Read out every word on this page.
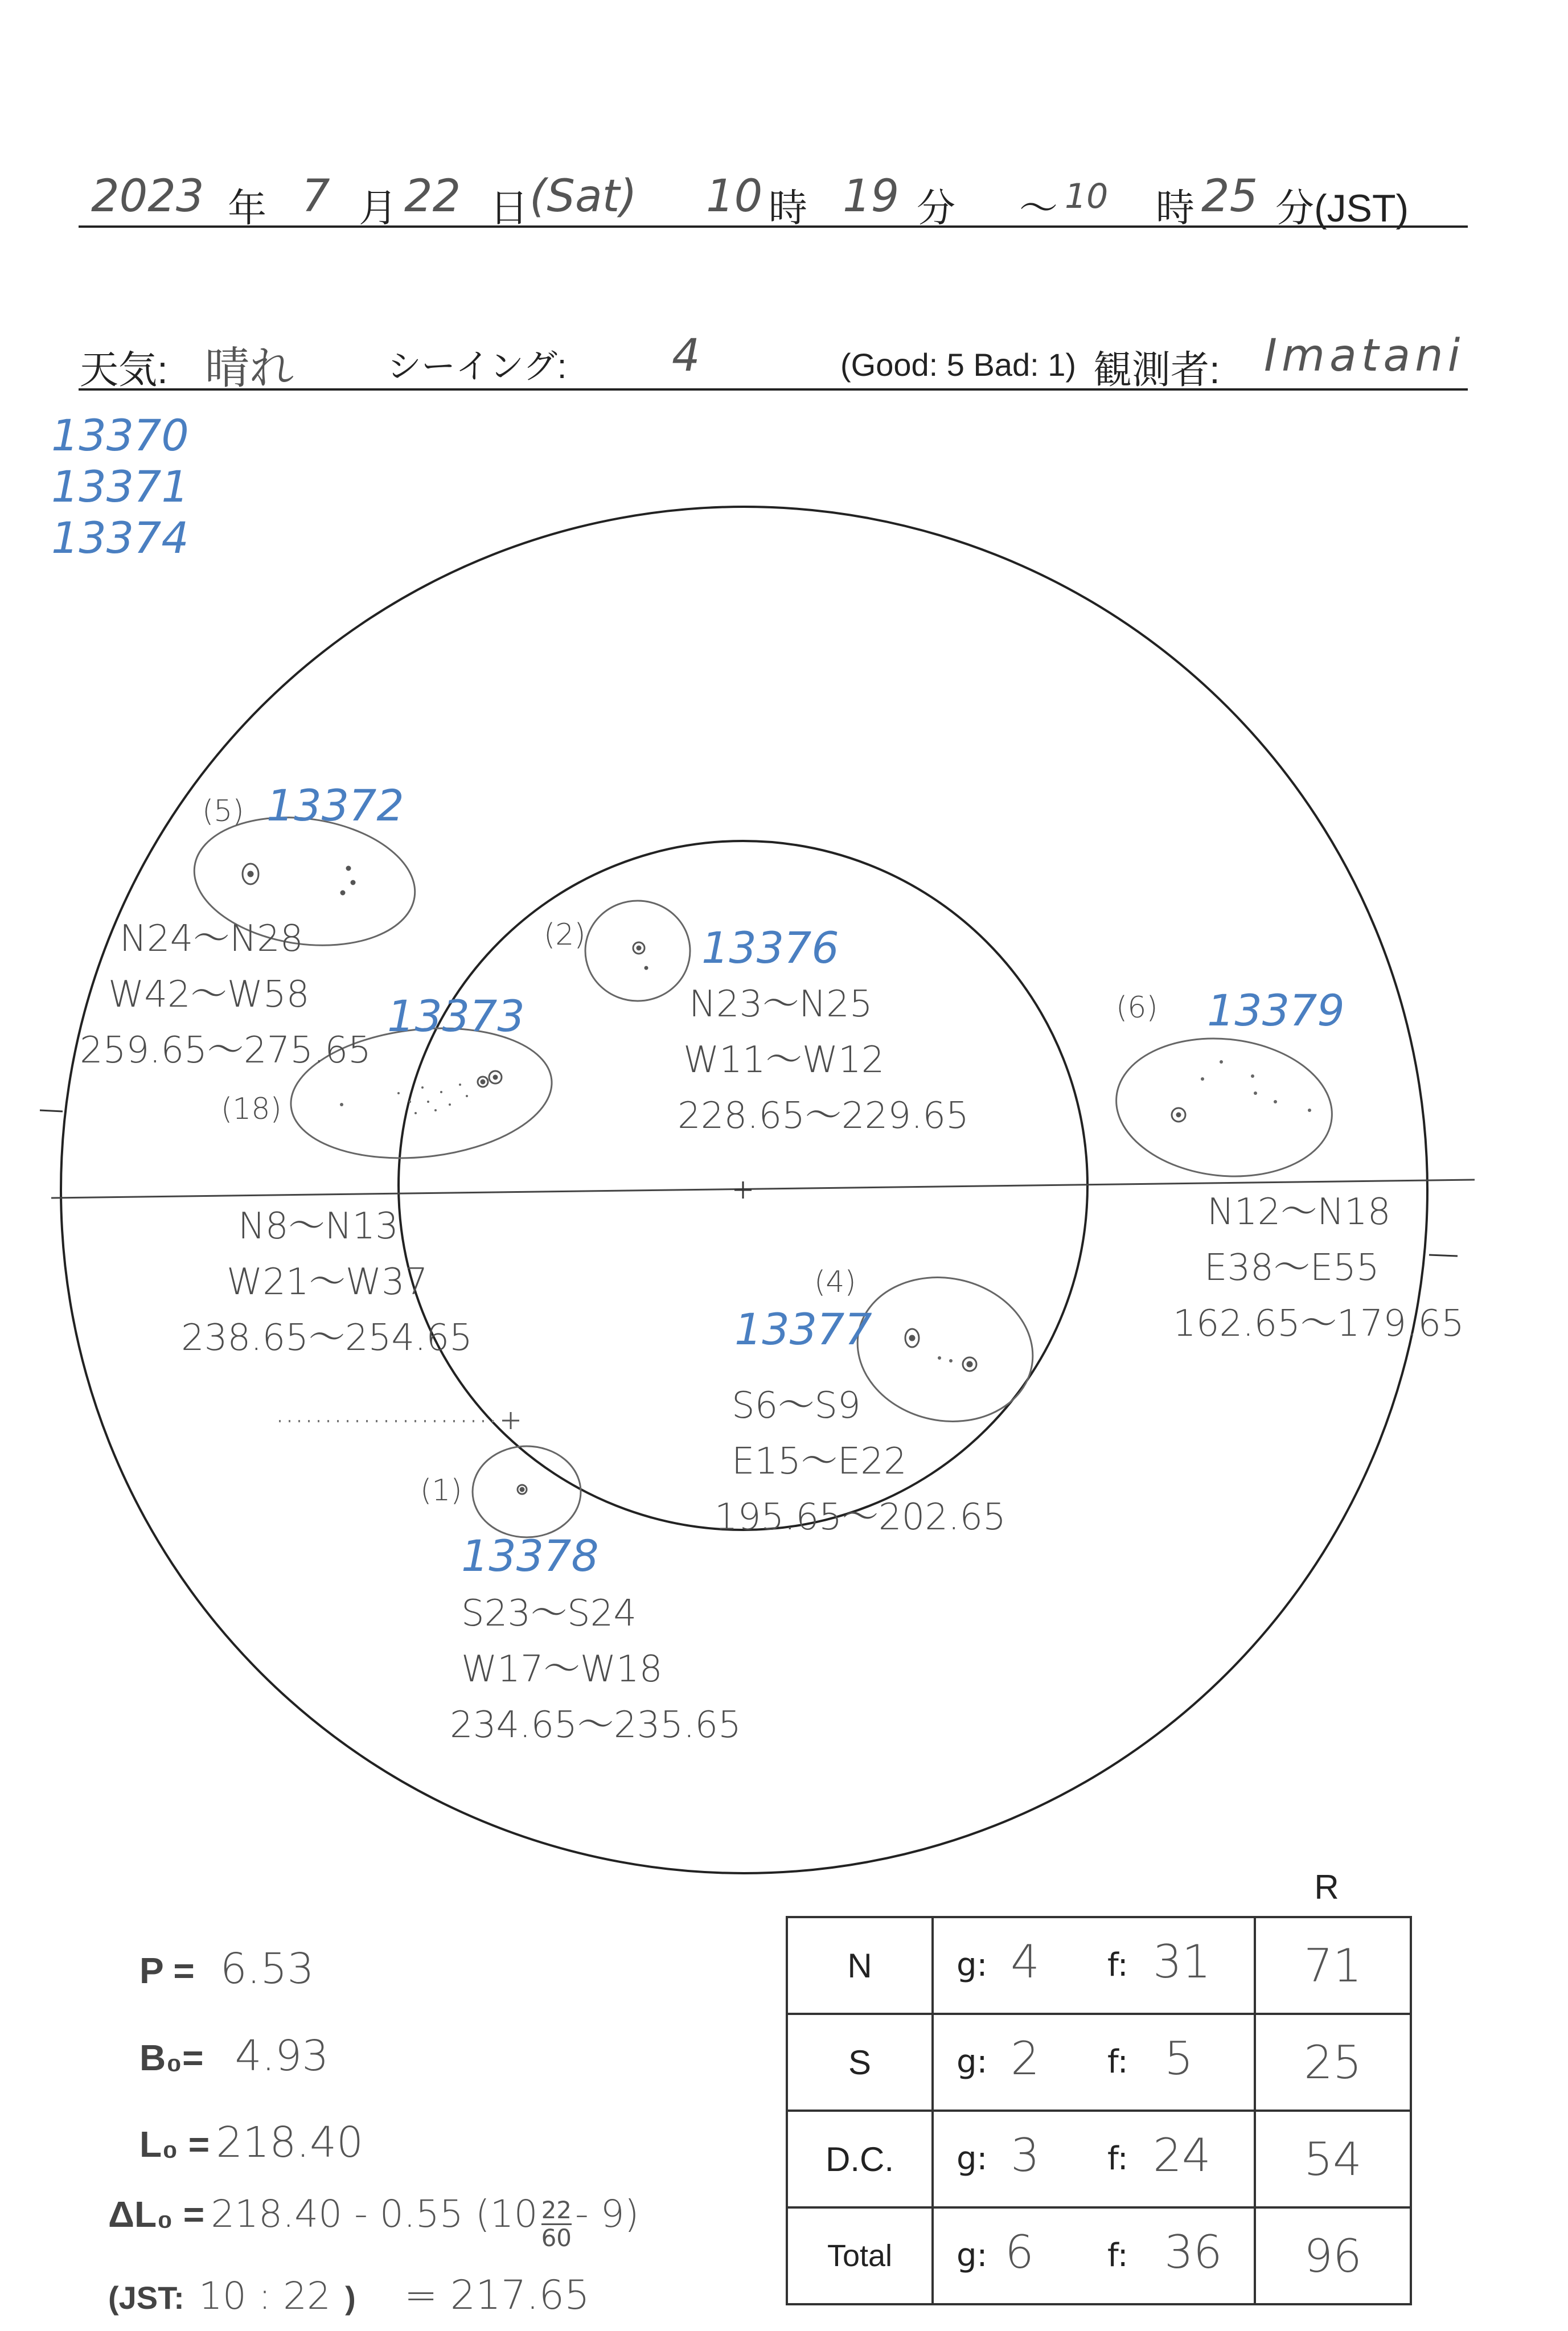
2023 年 7 月 22 日 (Sat) 10 時 19 分 ～ 10 時 25 分(JST)
天気: 晴れ	シーイング: 4	(Good: 5 Bad: 1) 観測者: Imatani
13370
13371
13374
(5) 13372
N24～N28
W42～W58
259.65～275.65
(2)	13376
N23～N25
W11～W12
228.65～229.65
(18)
13373
N8～N13
W21～W37
238.65～254.65
(6) 13379
N12～N18
E38～E55
162.65～179.65
(4)
13377
S6～S9
E15～E22
195.65～202.65
(1)
13378
S23～S24
W17～W18
234.65～235.65
P = 6.53
B₀= 4.93
L₀ = 218.40
ΔL₀ = 218.40 - 0.55 $(10 \frac{22}{60} - 9)$
(JST: 10 : 22 ) = 217.65
R
N	g: 4 f: 31	71
S	g: 2 f: 5	25
D.C.	g: 3 f: 24	54
Total	g: 6 f: 36	96
